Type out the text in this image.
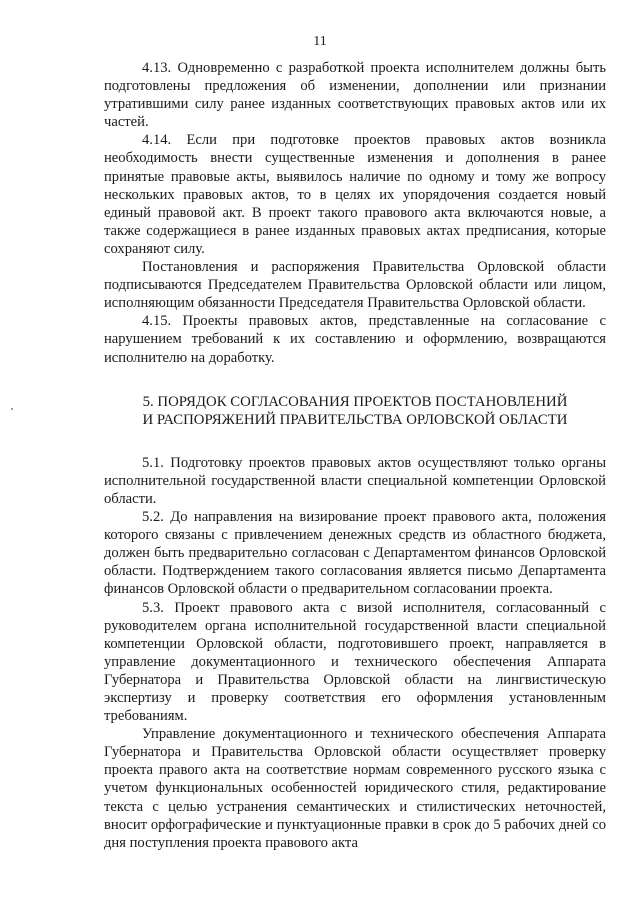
11

4.13. Одновременно с разработкой проекта исполнителем должны быть подготовлены предложения об изменении, дополнении или признании утратившими силу ранее изданных соответствующих правовых актов или их частей.

4.14. Если при подготовке проектов правовых актов возникла необходимость внести существенные изменения и дополнения в ранее принятые правовые акты, выявилось наличие по одному и тому же вопросу нескольких правовых актов, то в целях их упорядочения создается новый единый правовой акт. В проект такого правового акта включаются новые, а также содержащиеся в ранее изданных правовых актах предписания, которые сохраняют силу.

Постановления и распоряжения Правительства Орловской области подписываются Председателем Правительства Орловской области или лицом, исполняющим обязанности Председателя Правительства Орловской области.

4.15. Проекты правовых актов, представленные на согласование с нарушением требований к их составлению и оформлению, возвращаются исполнителю на доработку.

5. ПОРЯДОК СОГЛАСОВАНИЯ ПРОЕКТОВ ПОСТАНОВЛЕНИЙ
И РАСПОРЯЖЕНИЙ ПРАВИТЕЛЬСТВА ОРЛОВСКОЙ ОБЛАСТИ

5.1. Подготовку проектов правовых актов осуществляют только органы исполнительной государственной власти специальной компетенции Орловской области.

5.2. До направления на визирование проект правового акта, положения которого связаны с привлечением денежных средств из областного бюджета, должен быть предварительно согласован с Департаментом финансов Орловской области. Подтверждением такого согласования является письмо Департамента финансов Орловской области о предварительном согласовании проекта.

5.3. Проект правового акта с визой исполнителя, согласованный с руководителем органа исполнительной государственной власти специальной компетенции Орловской области, подготовившего проект, направляется в управление документационного и технического обеспечения Аппарата Губернатора и Правительства Орловской области на лингвистическую экспертизу и проверку соответствия его оформления установленным требованиям.

Управление документационного и технического обеспечения Аппарата Губернатора и Правительства Орловской области осуществляет проверку проекта правого акта на соответствие нормам современного русского языка с учетом функциональных особенностей юридического стиля, редактирование текста с целью устранения семантических и стилистических неточностей, вносит орфографические и пунктуационные правки в срок до 5 рабочих дней со дня поступления проекта правового акта
